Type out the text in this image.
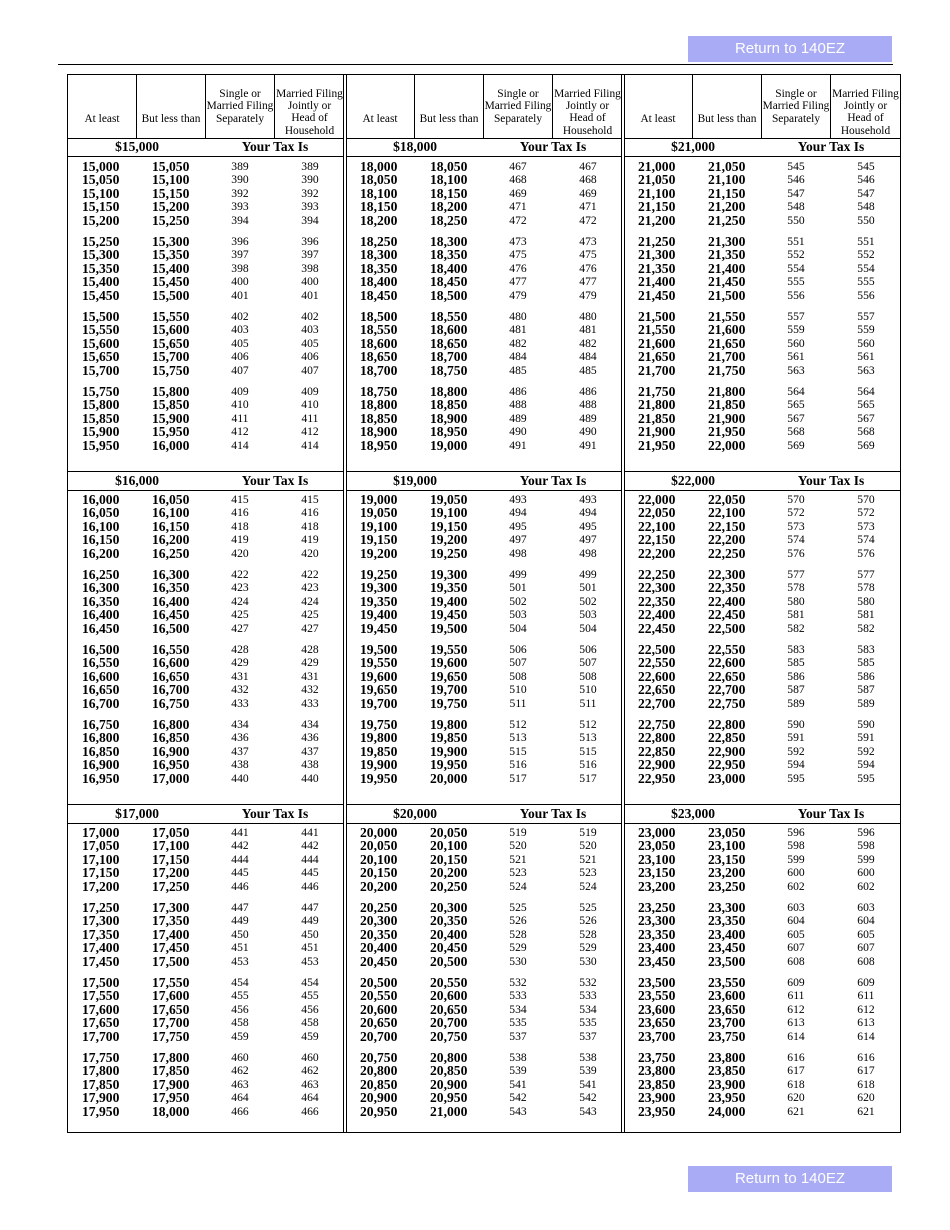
Return to 140EZ
At least But less than
Single or Married Filing Separately
Married Filing Jointly or Head of Household
$15,000	Your Tax Is
15,000 15,050	389	389
15,050 15,100	390	390
15,100 15,150	392	392
15,150 15,200	393	393
15,200 15,250	394	394
15,250 15,300	396	396
15,300 15,350	397	397
15,350 15,400	398	398
15,400 15,450	400	400
15,450 15,500	401	401
15,500 15,550	402	402
15,550 15,600	403	403
15,600 15,650	405	405
15,650 15,700	406	406
15,700 15,750	407	407
15,750 15,800	409	409
15,800 15,850	410	410
15,850 15,900	411	411
15,900 15,950	412	412
15,950 16,000	414	414
$16,000	Your Tax Is
16,000 16,050	415	415
16,050 16,100	416	416
16,100 16,150	418	418
16,150 16,200	419	419
16,200 16,250	420	420
16,250 16,300	422	422
16,300 16,350	423	423
16,350 16,400	424	424
16,400 16,450	425	425
16,450 16,500	427	427
16,500 16,550	428	428
16,550 16,600	429	429
16,600 16,650	431	431
16,650 16,700	432	432
16,700 16,750	433	433
16,750 16,800	434	434
16,800 16,850	436	436
16,850 16,900	437	437
16,900 16,950	438	438
16,950 17,000	440	440
$17,000	Your Tax Is
17,000 17,050	441	441
17,050 17,100	442	442
17,100 17,150	444	444
17,150 17,200	445	445
17,200 17,250	446	446
17,250 17,300	447	447
17,300 17,350	449	449
17,350 17,400	450	450
17,400 17,450	451	451
17,450 17,500	453	453
17,500 17,550	454	454
17,550 17,600	455	455
17,600 17,650	456	456
17,650 17,700	458	458
17,700 17,750	459	459
17,750 17,800	460	460
17,800 17,850	462	462
17,850 17,900	463	463
17,900 17,950	464	464
17,950 18,000	466	466
At least But less than
Single or Married Filing Separately
Married Filing Jointly or Head of Household
$18,000	Your Tax Is
18,000 18,050	467	467
18,050 18,100	468	468
18,100 18,150	469	469
18,150 18,200	471	471
18,200 18,250	472	472
18,250 18,300	473	473
18,300 18,350	475	475
18,350 18,400	476	476
18,400 18,450	477	477
18,450 18,500	479	479
18,500 18,550	480	480
18,550 18,600	481	481
18,600 18,650	482	482
18,650 18,700	484	484
18,700 18,750	485	485
18,750 18,800	486	486
18,800 18,850	488	488
18,850 18,900	489	489
18,900 18,950	490	490
18,950 19,000	491	491
$19,000	Your Tax Is
19,000 19,050	493	493
19,050 19,100	494	494
19,100 19,150	495	495
19,150 19,200	497	497
19,200 19,250	498	498
19,250 19,300	499	499
19,300 19,350	501	501
19,350 19,400	502	502
19,400 19,450	503	503
19,450 19,500	504	504
19,500 19,550	506	506
19,550 19,600	507	507
19,600 19,650	508	508
19,650 19,700	510	510
19,700 19,750	511	511
19,750 19,800	512	512
19,800 19,850	513	513
19,850 19,900	515	515
19,900 19,950	516	516
19,950 20,000	517	517
$20,000	Your Tax Is
20,000 20,050	519	519
20,050 20,100	520	520
20,100 20,150	521	521
20,150 20,200	523	523
20,200 20,250	524	524
20,250 20,300	525	525
20,300 20,350	526	526
20,350 20,400	528	528
20,400 20,450	529	529
20,450 20,500	530	530
20,500 20,550	532	532
20,550 20,600	533	533
20,600 20,650	534	534
20,650 20,700	535	535
20,700 20,750	537	537
20,750 20,800	538	538
20,800 20,850	539	539
20,850 20,900	541	541
20,900 20,950	542	542
20,950 21,000	543	543
At least But less than
Single or Married Filing Separately
Married Filing Jointly or Head of Household
$21,000	Your Tax Is
21,000 21,050	545	545
21,050 21,100	546	546
21,100 21,150	547	547
21,150 21,200	548	548
21,200 21,250	550	550
21,250 21,300	551	551
21,300 21,350	552	552
21,350 21,400	554	554
21,400 21,450	555	555
21,450 21,500	556	556
21,500 21,550	557	557
21,550 21,600	559	559
21,600 21,650	560	560
21,650 21,700	561	561
21,700 21,750	563	563
21,750 21,800	564	564
21,800 21,850	565	565
21,850 21,900	567	567
21,900 21,950	568	568
21,950 22,000	569	569
$22,000	Your Tax Is
22,000 22,050	570	570
22,050 22,100	572	572
22,100 22,150	573	573
22,150 22,200	574	574
22,200 22,250	576	576
22,250 22,300	577	577
22,300 22,350	578	578
22,350 22,400	580	580
22,400 22,450	581	581
22,450 22,500	582	582
22,500 22,550	583	583
22,550 22,600	585	585
22,600 22,650	586	586
22,650 22,700	587	587
22,700 22,750	589	589
22,750 22,800	590	590
22,800 22,850	591	591
22,850 22,900	592	592
22,900 22,950	594	594
22,950 23,000	595	595
$23,000	Your Tax Is
23,000 23,050	596	596
23,050 23,100	598	598
23,100 23,150	599	599
23,150 23,200	600	600
23,200 23,250	602	602
23,250 23,300	603	603
23,300 23,350	604	604
23,350 23,400	605	605
23,400 23,450	607	607
23,450 23,500	608	608
23,500 23,550	609	609
23,550 23,600	611	611
23,600 23,650	612	612
23,650 23,700	613	613
23,700 23,750	614	614
23,750 23,800	616	616
23,800 23,850	617	617
23,850 23,900	618	618
23,900 23,950	620	620
23,950 24,000	621	621
Return to 140EZ
